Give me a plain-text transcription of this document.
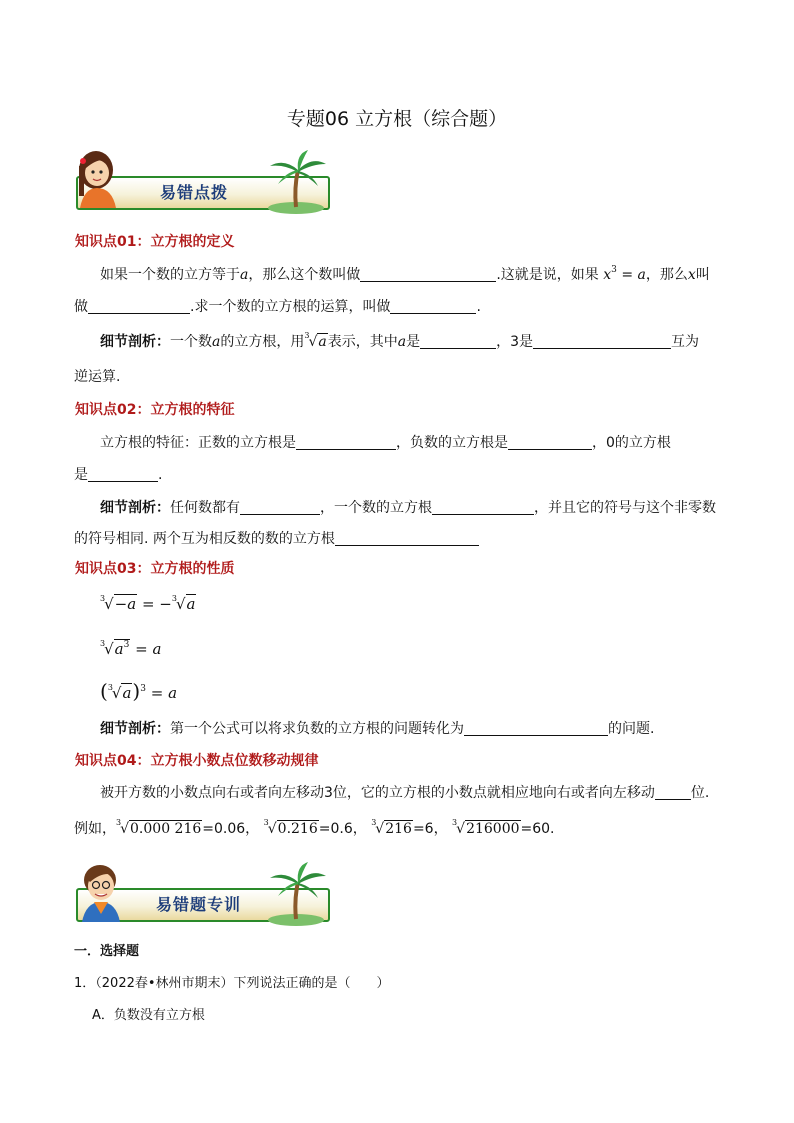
专题06 立方根（综合题）
易错点拨
知识点01：立方根的定义
如果一个数的立方等于a，那么这个数叫做	.这就是说，如果 $x^3 = a$，那么x叫
做	.求一个数的立方根的运算，叫做	.
细节剖析：一个数a的立方根，用$^3$√a表示，其中a是	，3是	互为
逆运算.
知识点02：立方根的特征
立方根的特征：正数的立方根是	，负数的立方根是	，0的立方根
是	.
细节剖析：任何数都有	，一个数的立方根	，并且它的符号与这个非零数
的符号相同. 两个互为相反数的数的立方根
知识点03：立方根的性质
$^3$√−a = −$^3$√a
$^3√a^3 = a$
$(^3√a)^3 = a$
细节剖析：第一个公式可以将求负数的立方根的问题转化为	的问题.
知识点04：立方根小数点位数移动规律
被开方数的小数点向右或者向左移动3位，它的立方根的小数点就相应地向右或者向左移动	位.
例如，$^3$√0.000 216=0.06， $^3$√0.216=0.6， $^3$√216=6， $^3$√216000=60.
易错题专训
一．选择题
1．（2022春•林州市期末）下列说法正确的是（　　）
A．负数没有立方根
